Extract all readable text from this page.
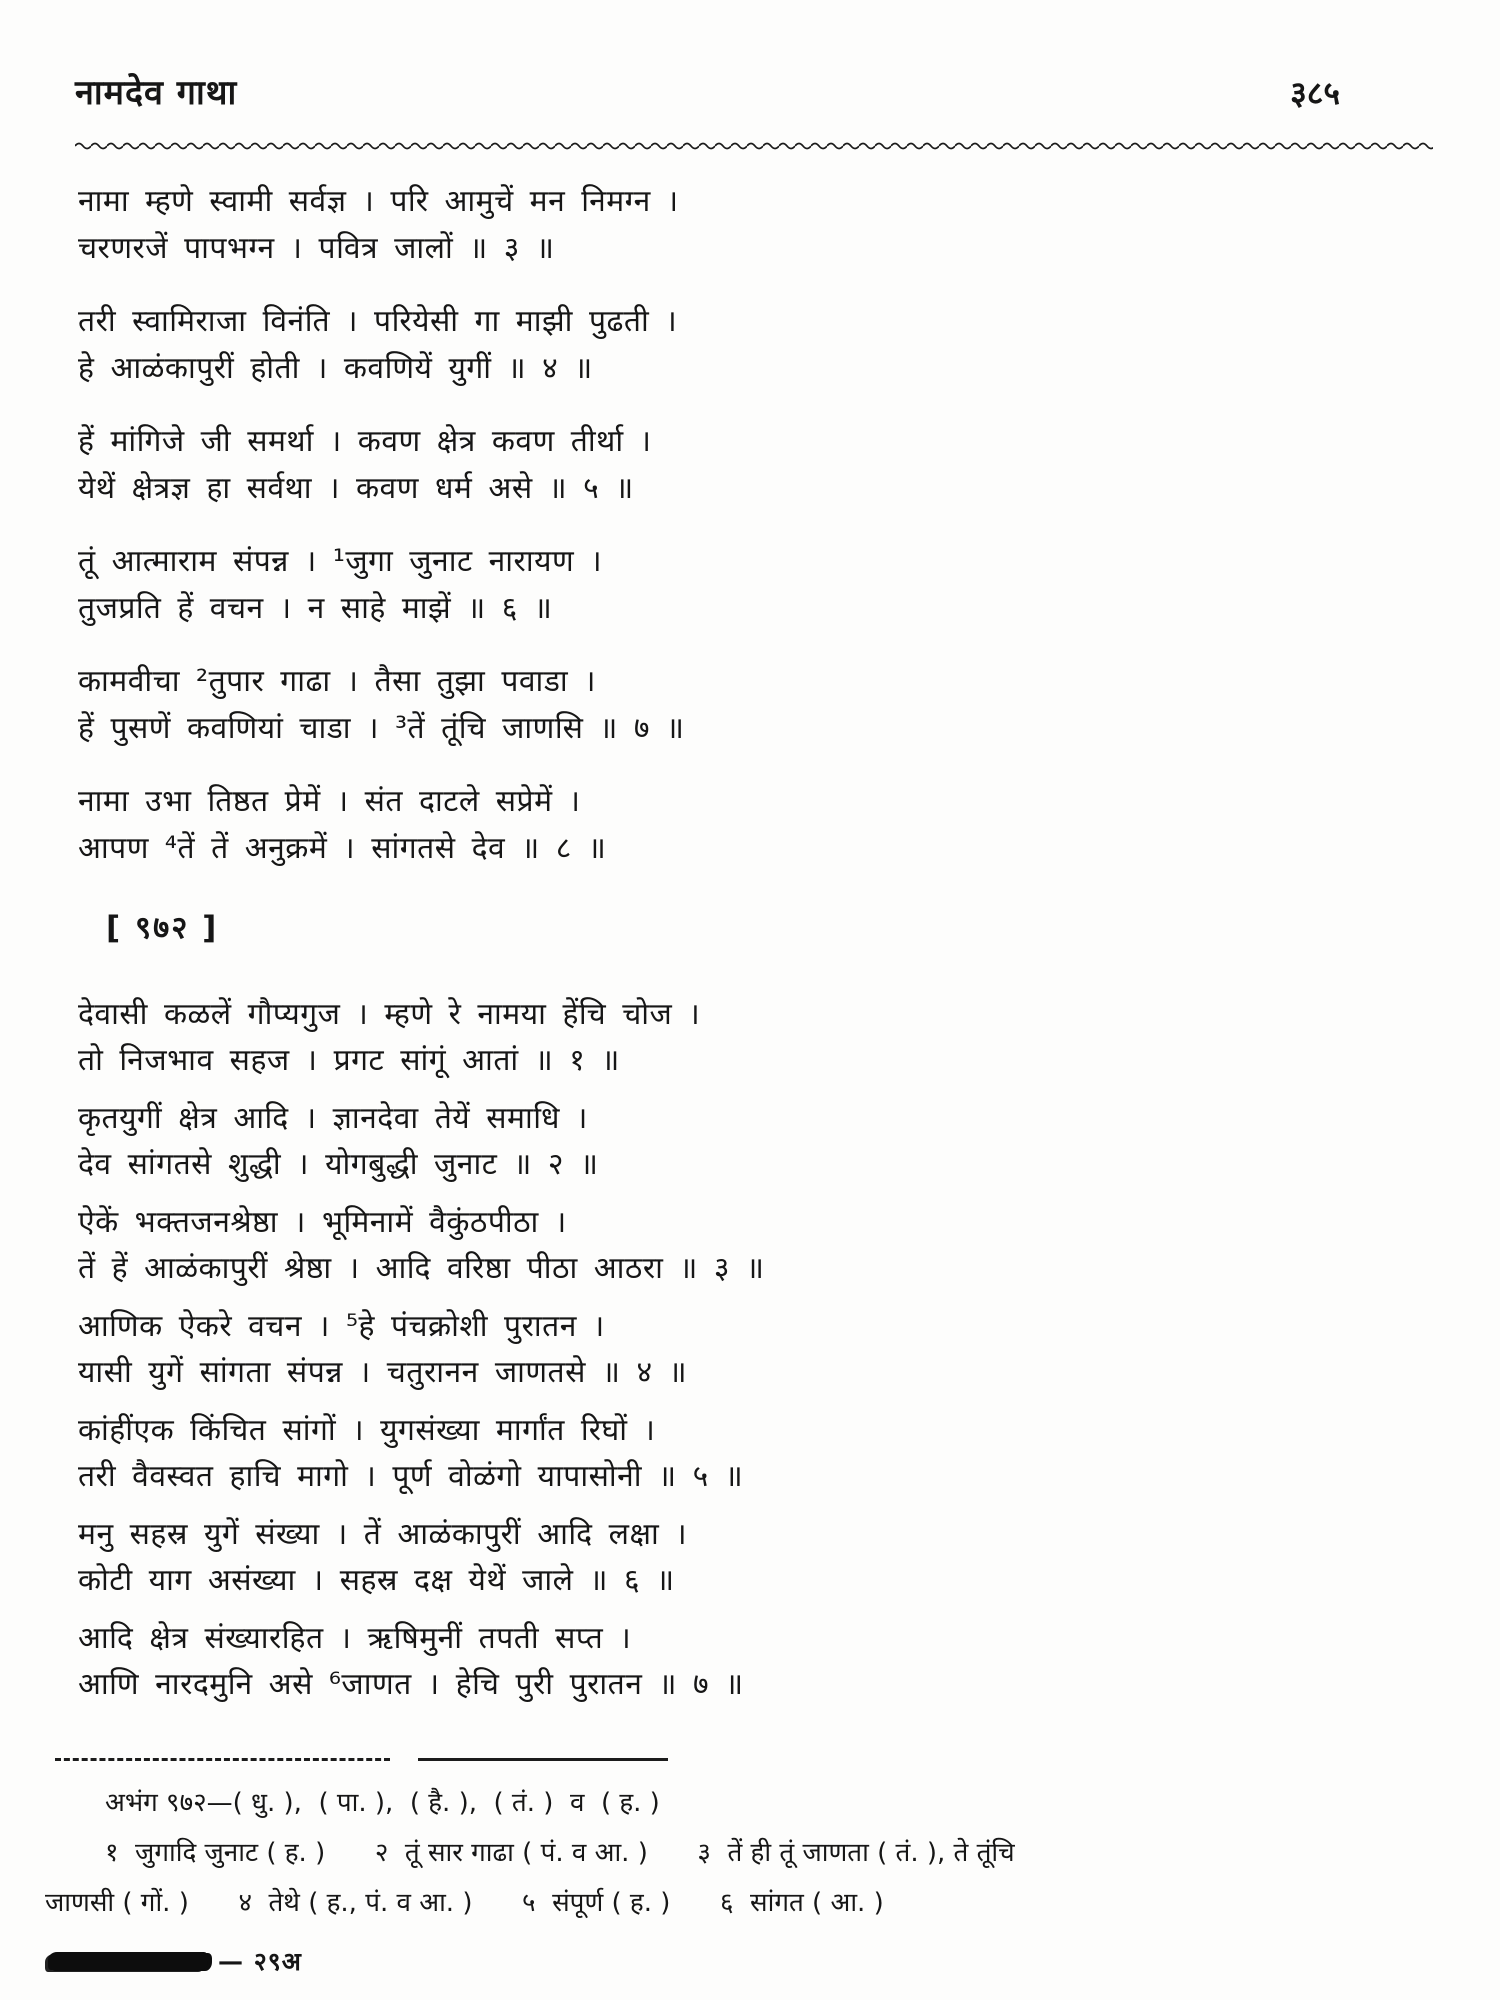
नामदेव गाथा	३८५
नामा म्हणे स्वामी सर्वज्ञ । परि आमुचें मन निमग्न ।
चरणरजें पापभग्न । पवित्र जालों ॥ ३ ॥
तरी स्वामिराजा विनंति । परियेसी गा माझी पुढती ।
हे आळंकापुरीं होती । कवणियें युगीं ॥ ४ ॥
हें मांगिजे जी समर्था । कवण क्षेत्र कवण तीर्था ।
येथें क्षेत्रज्ञ हा सर्वथा । कवण धर्म असे ॥ ५ ॥
तूं आत्माराम संपन्न । ¹जुगा जुनाट नारायण ।
तुजप्रति हें वचन । न साहे माझें ॥ ६ ॥
कामवीचा ²तुपार गाढा । तैसा तुझा पवाडा ।
हें पुसणें कवणियां चाडा । ³तें तूंचि जाणसि ॥ ७ ॥
नामा उभा तिष्ठत प्रेमें । संत दाटले सप्रेमें ।
आपण ⁴तें तें अनुक्रमें । सांगतसे देव ॥ ८ ॥
[ ९७२ ]
देवासी कळलें गौप्यगुज । म्हणे रे नामया हेंचि चोज ।
तो निजभाव सहज । प्रगट सांगूं आतां ॥ १ ॥
कृतयुगीं क्षेत्र आदि । ज्ञानदेवा तेयें समाधि ।
देव सांगतसे शुद्धी । योगबुद्धी जुनाट ॥ २ ॥
ऐकें भक्तजनश्रेष्ठा । भूमिनामें वैकुंठपीठा ।
तें हें आळंकापुरीं श्रेष्ठा । आदि वरिष्ठा पीठा आठरा ॥ ३ ॥
आणिक ऐकरे वचन । ⁵हे पंचक्रोशी पुरातन ।
यासी युगें सांगता संपन्न । चतुरानन जाणतसे ॥ ४ ॥
कांहींएक किंचित सांगों । युगसंख्या मार्गांत रिघों ।
तरी वैवस्वत हाचि मागो । पूर्ण वोळंगो यापासोनी ॥ ५ ॥
मनु सहस्र युगें संख्या । तें आळंकापुरीं आदि लक्षा ।
कोटी याग असंख्या । सहस्र दक्ष येथें जाले ॥ ६ ॥
आदि क्षेत्र संख्यारहित । ऋषिमुनीं तपती सप्त ।
आणि नारदमुनि असे ⁶जाणत । हेचि पुरी पुरातन ॥ ७ ॥
अभंग ९७२—( धु. ),  ( पा. ),  ( है. ),  ( तं. )  व  ( ह. )
१  जुगादि जुनाट ( ह. )      २  तूं सार गाढा ( पं. व आ. )      ३  तें ही तूं जाणता ( तं. ), ते तूंचि
जाणसी ( गों. )      ४  तेथे ( ह., पं. व आ. )      ५  संपूर्ण ( ह. )      ६  सांगत ( आ. )
— २९अ
